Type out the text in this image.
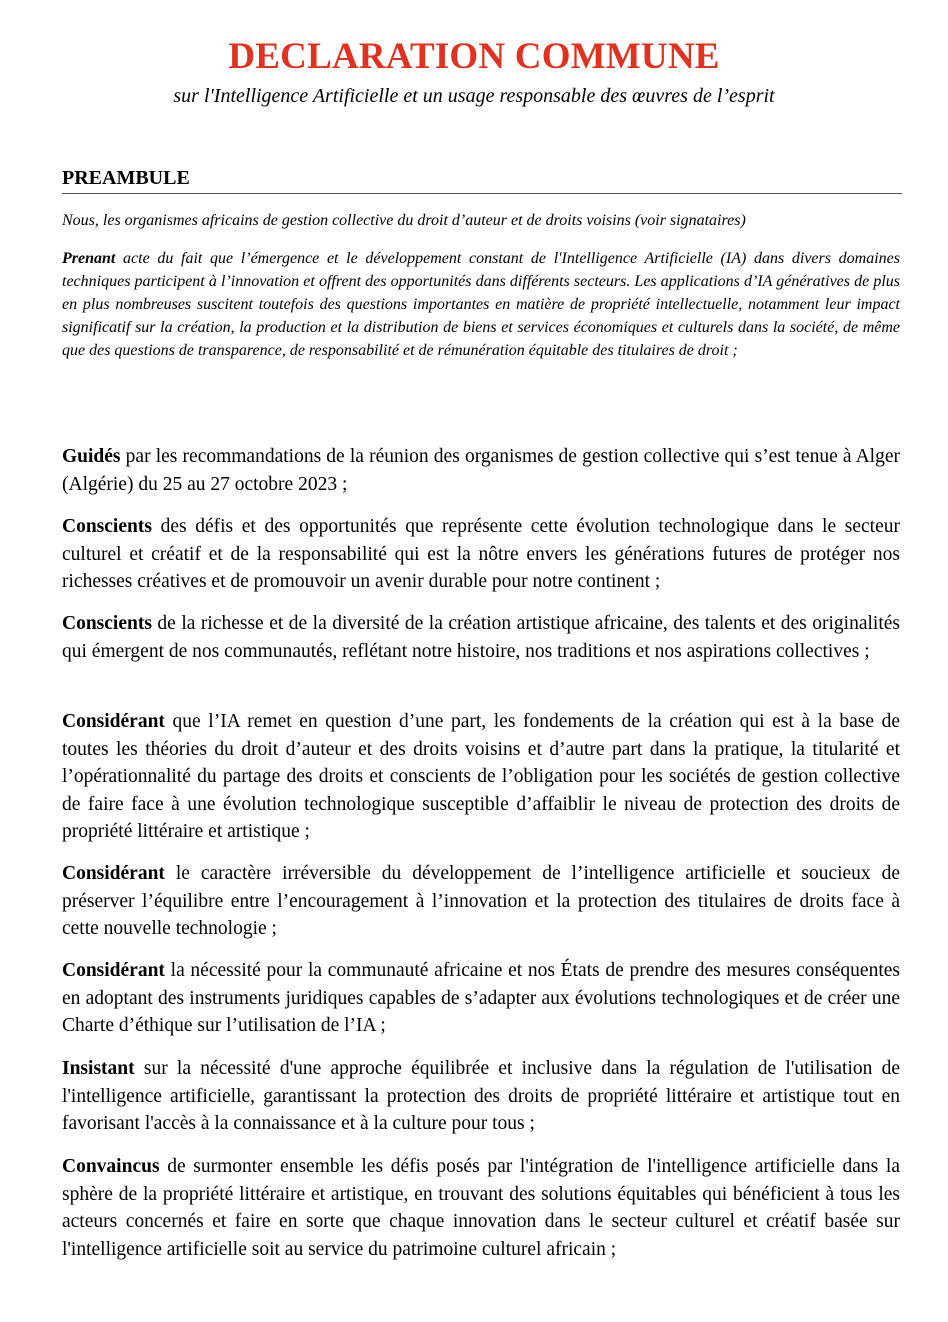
DECLARATION COMMUNE

sur l'Intelligence Artificielle et un usage responsable des œuvres de l’esprit

PREAMBULE

Nous, les organismes africains de gestion collective du droit d’auteur et de droits voisins (voir signataires)

Prenant acte du fait que l’émergence et le développement constant de l'Intelligence Artificielle (IA) dans divers domaines techniques participent à l’innovation et offrent des opportunités dans différents secteurs. Les applications d’IA génératives de plus en plus nombreuses suscitent toutefois des questions importantes en matière de propriété intellectuelle, notamment leur impact significatif sur la création, la production et la distribution de biens et services économiques et culturels dans la société, de même que des questions de transparence, de responsabilité et de rémunération équitable des titulaires de droit ;

Guidés par les recommandations de la réunion des organismes de gestion collective qui s’est tenue à Alger (Algérie) du 25 au 27 octobre 2023 ;

Conscients des défis et des opportunités que représente cette évolution technologique dans le secteur culturel et créatif et de la responsabilité qui est la nôtre envers les générations futures de protéger nos richesses créatives et de promouvoir un avenir durable pour notre continent ;

Conscients de la richesse et de la diversité de la création artistique africaine, des talents et des originalités qui émergent de nos communautés, reflétant notre histoire, nos traditions et nos aspirations collectives ;

Considérant que l’IA remet en question d’une part, les fondements de la création qui est à la base de toutes les théories du droit d’auteur et des droits voisins et d’autre part dans la pratique, la titularité et l’opérationnalité du partage des droits et conscients de l’obligation pour les sociétés de gestion collective de faire face à une évolution technologique susceptible d’affaiblir le niveau de protection des droits de propriété littéraire et artistique ;

Considérant le caractère irréversible du développement de l’intelligence artificielle et soucieux de préserver l’équilibre entre l’encouragement à l’innovation et la protection des titulaires de droits face à cette nouvelle technologie ;

Considérant la nécessité pour la communauté africaine et nos États de prendre des mesures conséquentes en adoptant des instruments juridiques capables de s’adapter aux évolutions technologiques et de créer une Charte d’éthique sur l’utilisation de l’IA ;

Insistant sur la nécessité d'une approche équilibrée et inclusive dans la régulation de l'utilisation de l'intelligence artificielle, garantissant la protection des droits de propriété littéraire et artistique tout en favorisant l'accès à la connaissance et à la culture pour tous ;

Convaincus de surmonter ensemble les défis posés par l'intégration de l'intelligence artificielle dans la sphère de la propriété littéraire et artistique, en trouvant des solutions équitables qui bénéficient à tous les acteurs concernés et faire en sorte que chaque innovation dans le secteur culturel et créatif basée sur l'intelligence artificielle soit au service du patrimoine culturel africain ;
